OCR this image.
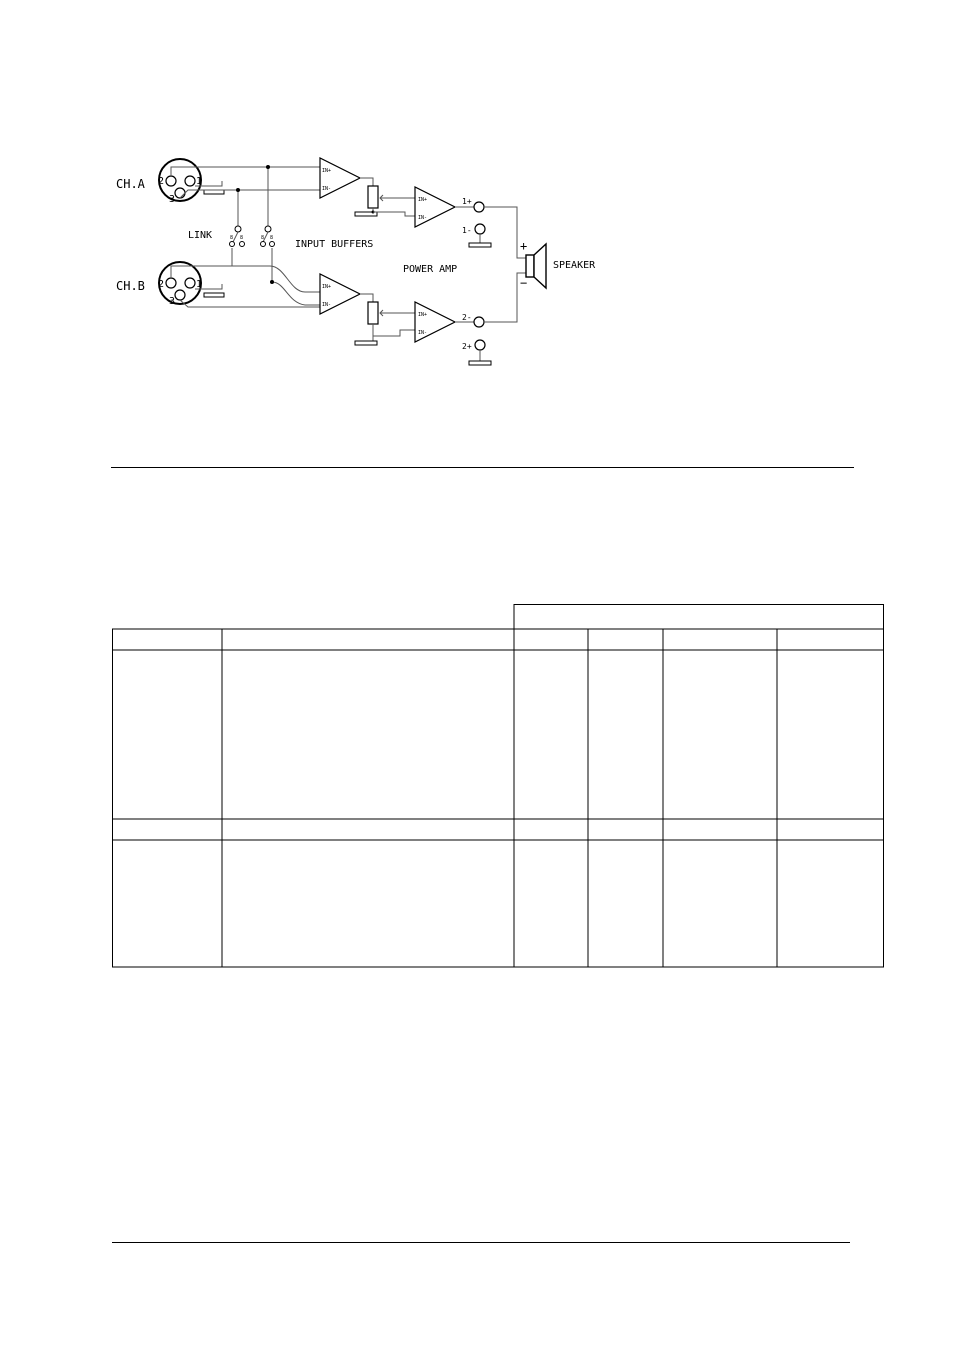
CH.A
CH.B
2	1
3
2	1
3
8 8	8 8
LINK
IN+
IN-
IN+
IN-
INPUT BUFFERS
IN+
IN-
IN+
IN-
POWER AMP
1+
1-
2-
2+
+
−
SPEAKER
